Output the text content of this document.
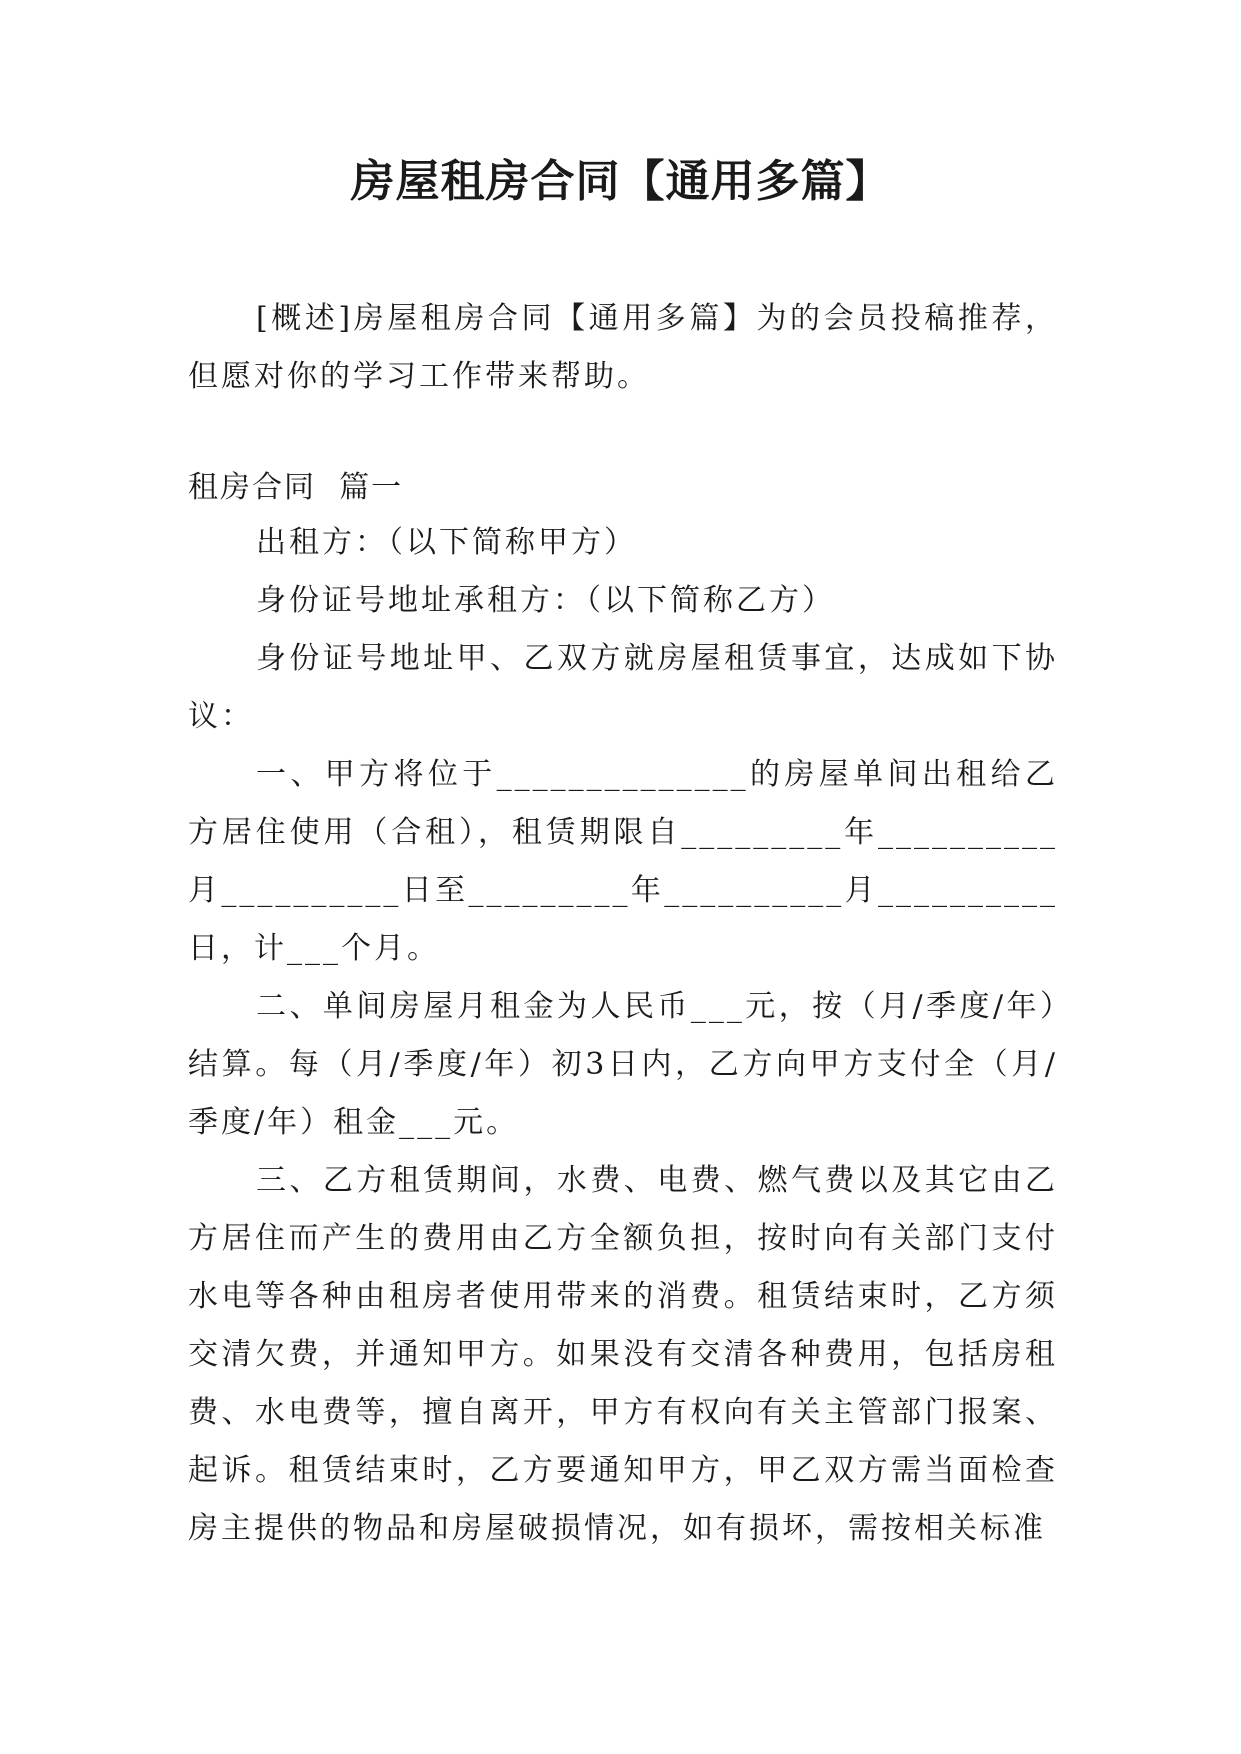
房屋租房合同【通用多篇】

[概述]房屋租房合同【通用多篇】为的会员投稿推荐，但愿对你的学习工作带来帮助。

租房合同  篇一

出租方：（以下简称甲方）

身份证号地址承租方：（以下简称乙方）

身份证号地址甲、乙双方就房屋租赁事宜，达成如下协议：

一、甲方将位于______________的房屋单间出租给乙方居住使用（合租），租赁期限自_________年__________月__________日至_________年__________月__________日，计___个月。

二、单间房屋月租金为人民币___元，按（月/季度/年）结算。每（月/季度/年）初3日内，乙方向甲方支付全（月/季度/年）租金___元。

三、乙方租赁期间，水费、电费、燃气费以及其它由乙方居住而产生的费用由乙方全额负担，按时向有关部门支付水电等各种由租房者使用带来的消费。租赁结束时，乙方须交清欠费，并通知甲方。如果没有交清各种费用，包括房租费、水电费等，擅自离开，甲方有权向有关主管部门报案、起诉。租赁结束时，乙方要通知甲方，甲乙双方需当面检查房主提供的物品和房屋破损情况，如有损坏，需按相关标准
